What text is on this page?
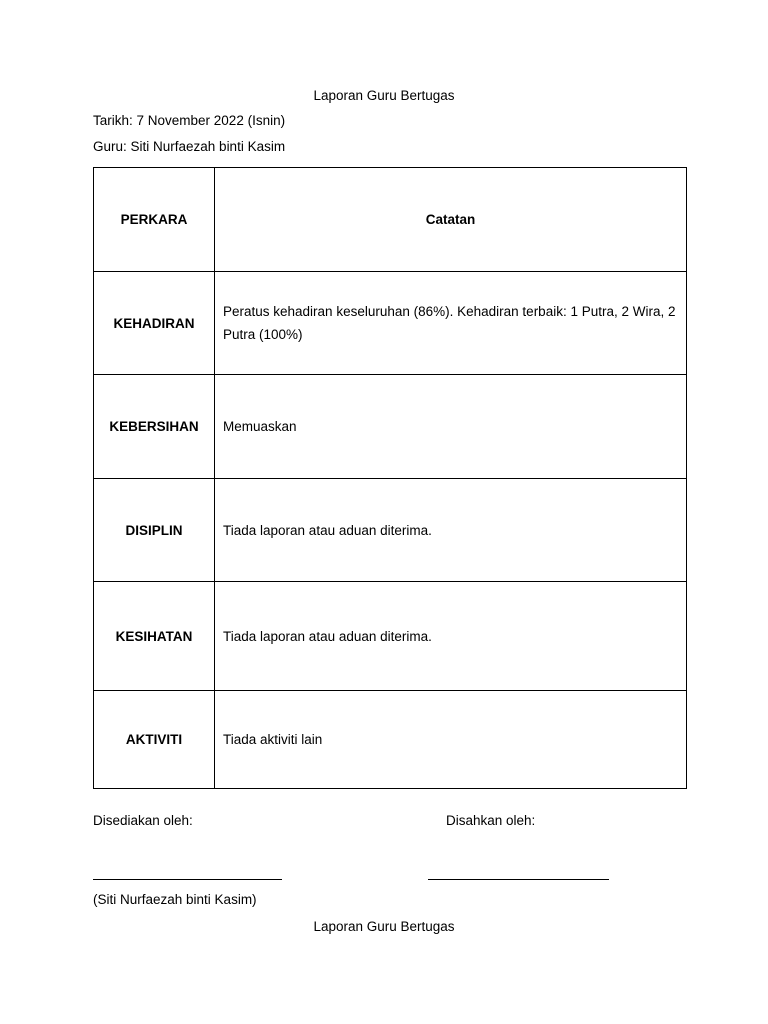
Laporan Guru Bertugas
Tarikh: 7 November 2022 (Isnin)
Guru: Siti Nurfaezah binti Kasim
PERKARA	Catatan
KEHADIRAN	Peratus kehadiran keseluruhan (86%). Kehadiran terbaik: 1 Putra, 2 Wira, 2 Putra (100%)
KEBERSIHAN	Memuaskan
DISIPLIN	Tiada laporan atau aduan diterima.
KESIHATAN	Tiada laporan atau aduan diterima.
AKTIVITI	Tiada aktiviti lain
Disediakan oleh:	Disahkan oleh:
(Siti Nurfaezah binti Kasim)
Laporan Guru Bertugas
